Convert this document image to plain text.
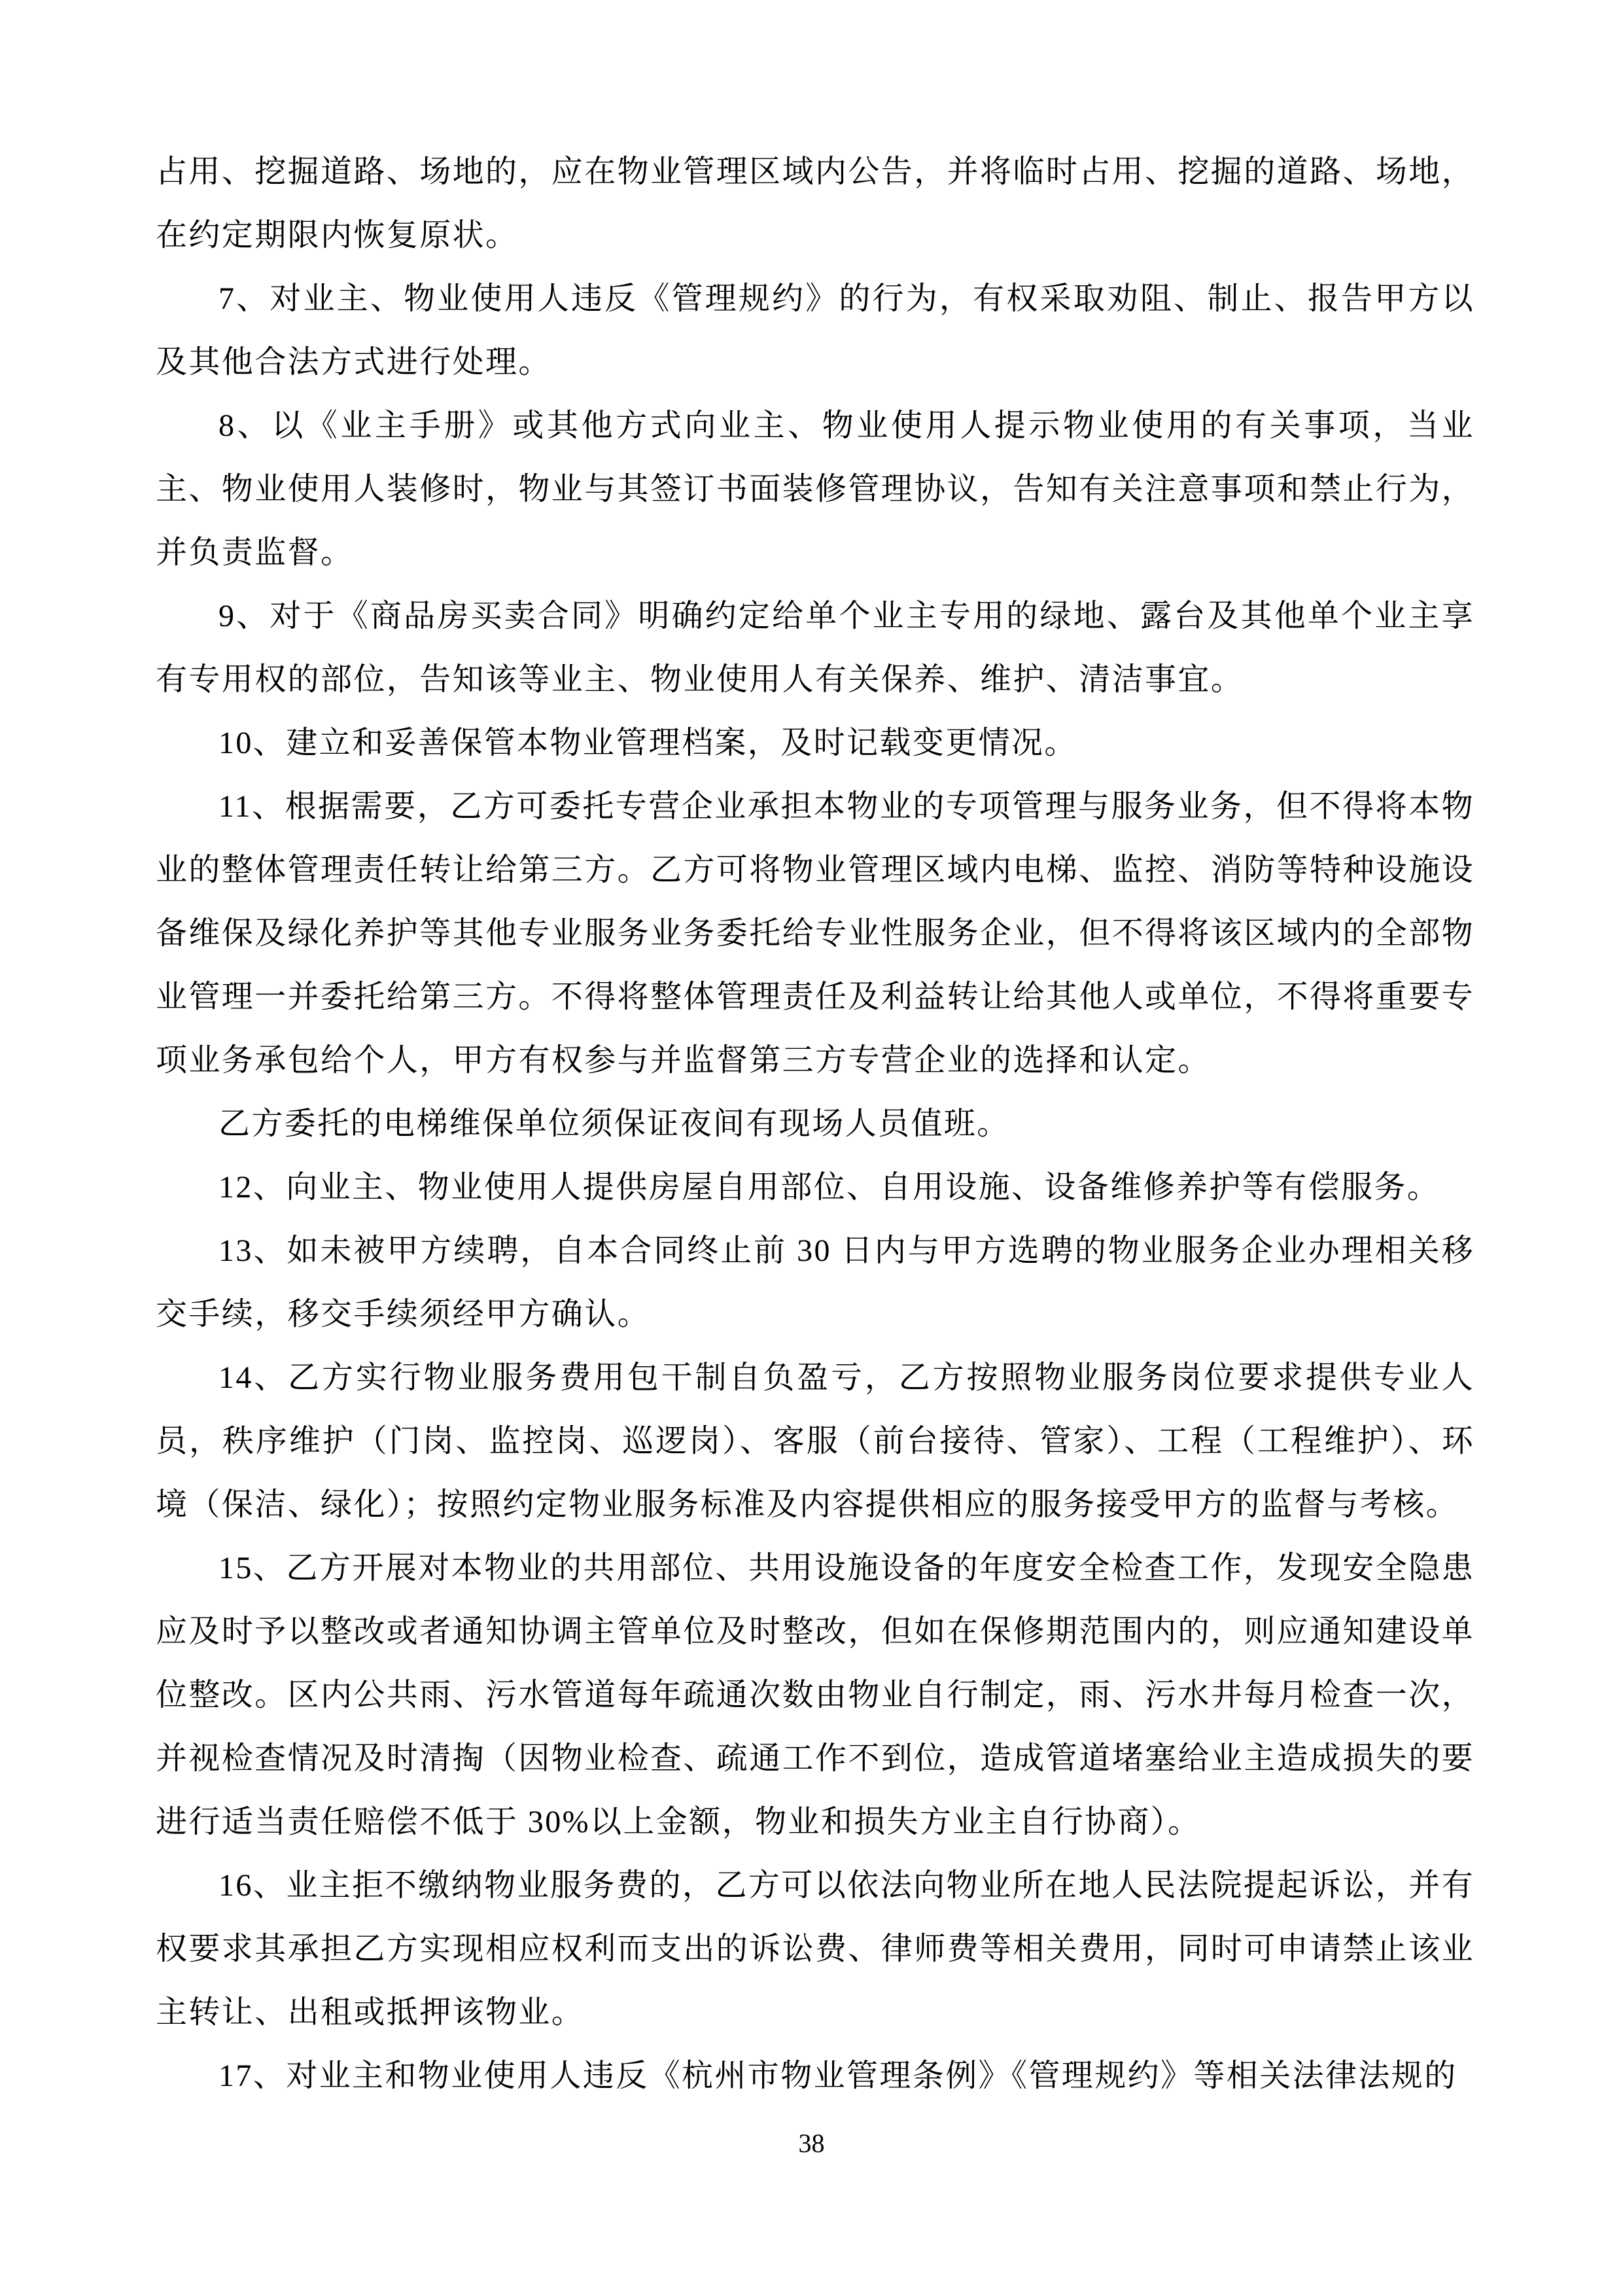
占用、挖掘道路、场地的，应在物业管理区域内公告，并将临时占用、挖掘的道路、场地，在约定期限内恢复原状。

7、对业主、物业使用人违反《管理规约》的行为，有权采取劝阻、制止、报告甲方以及其他合法方式进行处理。

8、以《业主手册》或其他方式向业主、物业使用人提示物业使用的有关事项，当业主、物业使用人装修时，物业与其签订书面装修管理协议，告知有关注意事项和禁止行为，并负责监督。

9、对于《商品房买卖合同》明确约定给单个业主专用的绿地、露台及其他单个业主享有专用权的部位，告知该等业主、物业使用人有关保养、维护、清洁事宜。

10、建立和妥善保管本物业管理档案，及时记载变更情况。

11、根据需要，乙方可委托专营企业承担本物业的专项管理与服务业务，但不得将本物业的整体管理责任转让给第三方。乙方可将物业管理区域内电梯、监控、消防等特种设施设备维保及绿化养护等其他专业服务业务委托给专业性服务企业，但不得将该区域内的全部物业管理一并委托给第三方。不得将整体管理责任及利益转让给其他人或单位，不得将重要专项业务承包给个人，甲方有权参与并监督第三方专营企业的选择和认定。

乙方委托的电梯维保单位须保证夜间有现场人员值班。

12、向业主、物业使用人提供房屋自用部位、自用设施、设备维修养护等有偿服务。

13、如未被甲方续聘，自本合同终止前 30 日内与甲方选聘的物业服务企业办理相关移交手续，移交手续须经甲方确认。

14、乙方实行物业服务费用包干制自负盈亏，乙方按照物业服务岗位要求提供专业人员，秩序维护（门岗、监控岗、巡逻岗）、客服（前台接待、管家）、工程（工程维护）、环境（保洁、绿化）；按照约定物业服务标准及内容提供相应的服务接受甲方的监督与考核。

15、乙方开展对本物业的共用部位、共用设施设备的年度安全检查工作，发现安全隐患应及时予以整改或者通知协调主管单位及时整改，但如在保修期范围内的，则应通知建设单位整改。区内公共雨、污水管道每年疏通次数由物业自行制定，雨、污水井每月检查一次，并视检查情况及时清掏（因物业检查、疏通工作不到位，造成管道堵塞给业主造成损失的要进行适当责任赔偿不低于 30%以上金额，物业和损失方业主自行协商）。

16、业主拒不缴纳物业服务费的，乙方可以依法向物业所在地人民法院提起诉讼，并有权要求其承担乙方实现相应权利而支出的诉讼费、律师费等相关费用，同时可申请禁止该业主转让、出租或抵押该物业。

17、对业主和物业使用人违反《杭州市物业管理条例》《管理规约》等相关法律法规的

38
